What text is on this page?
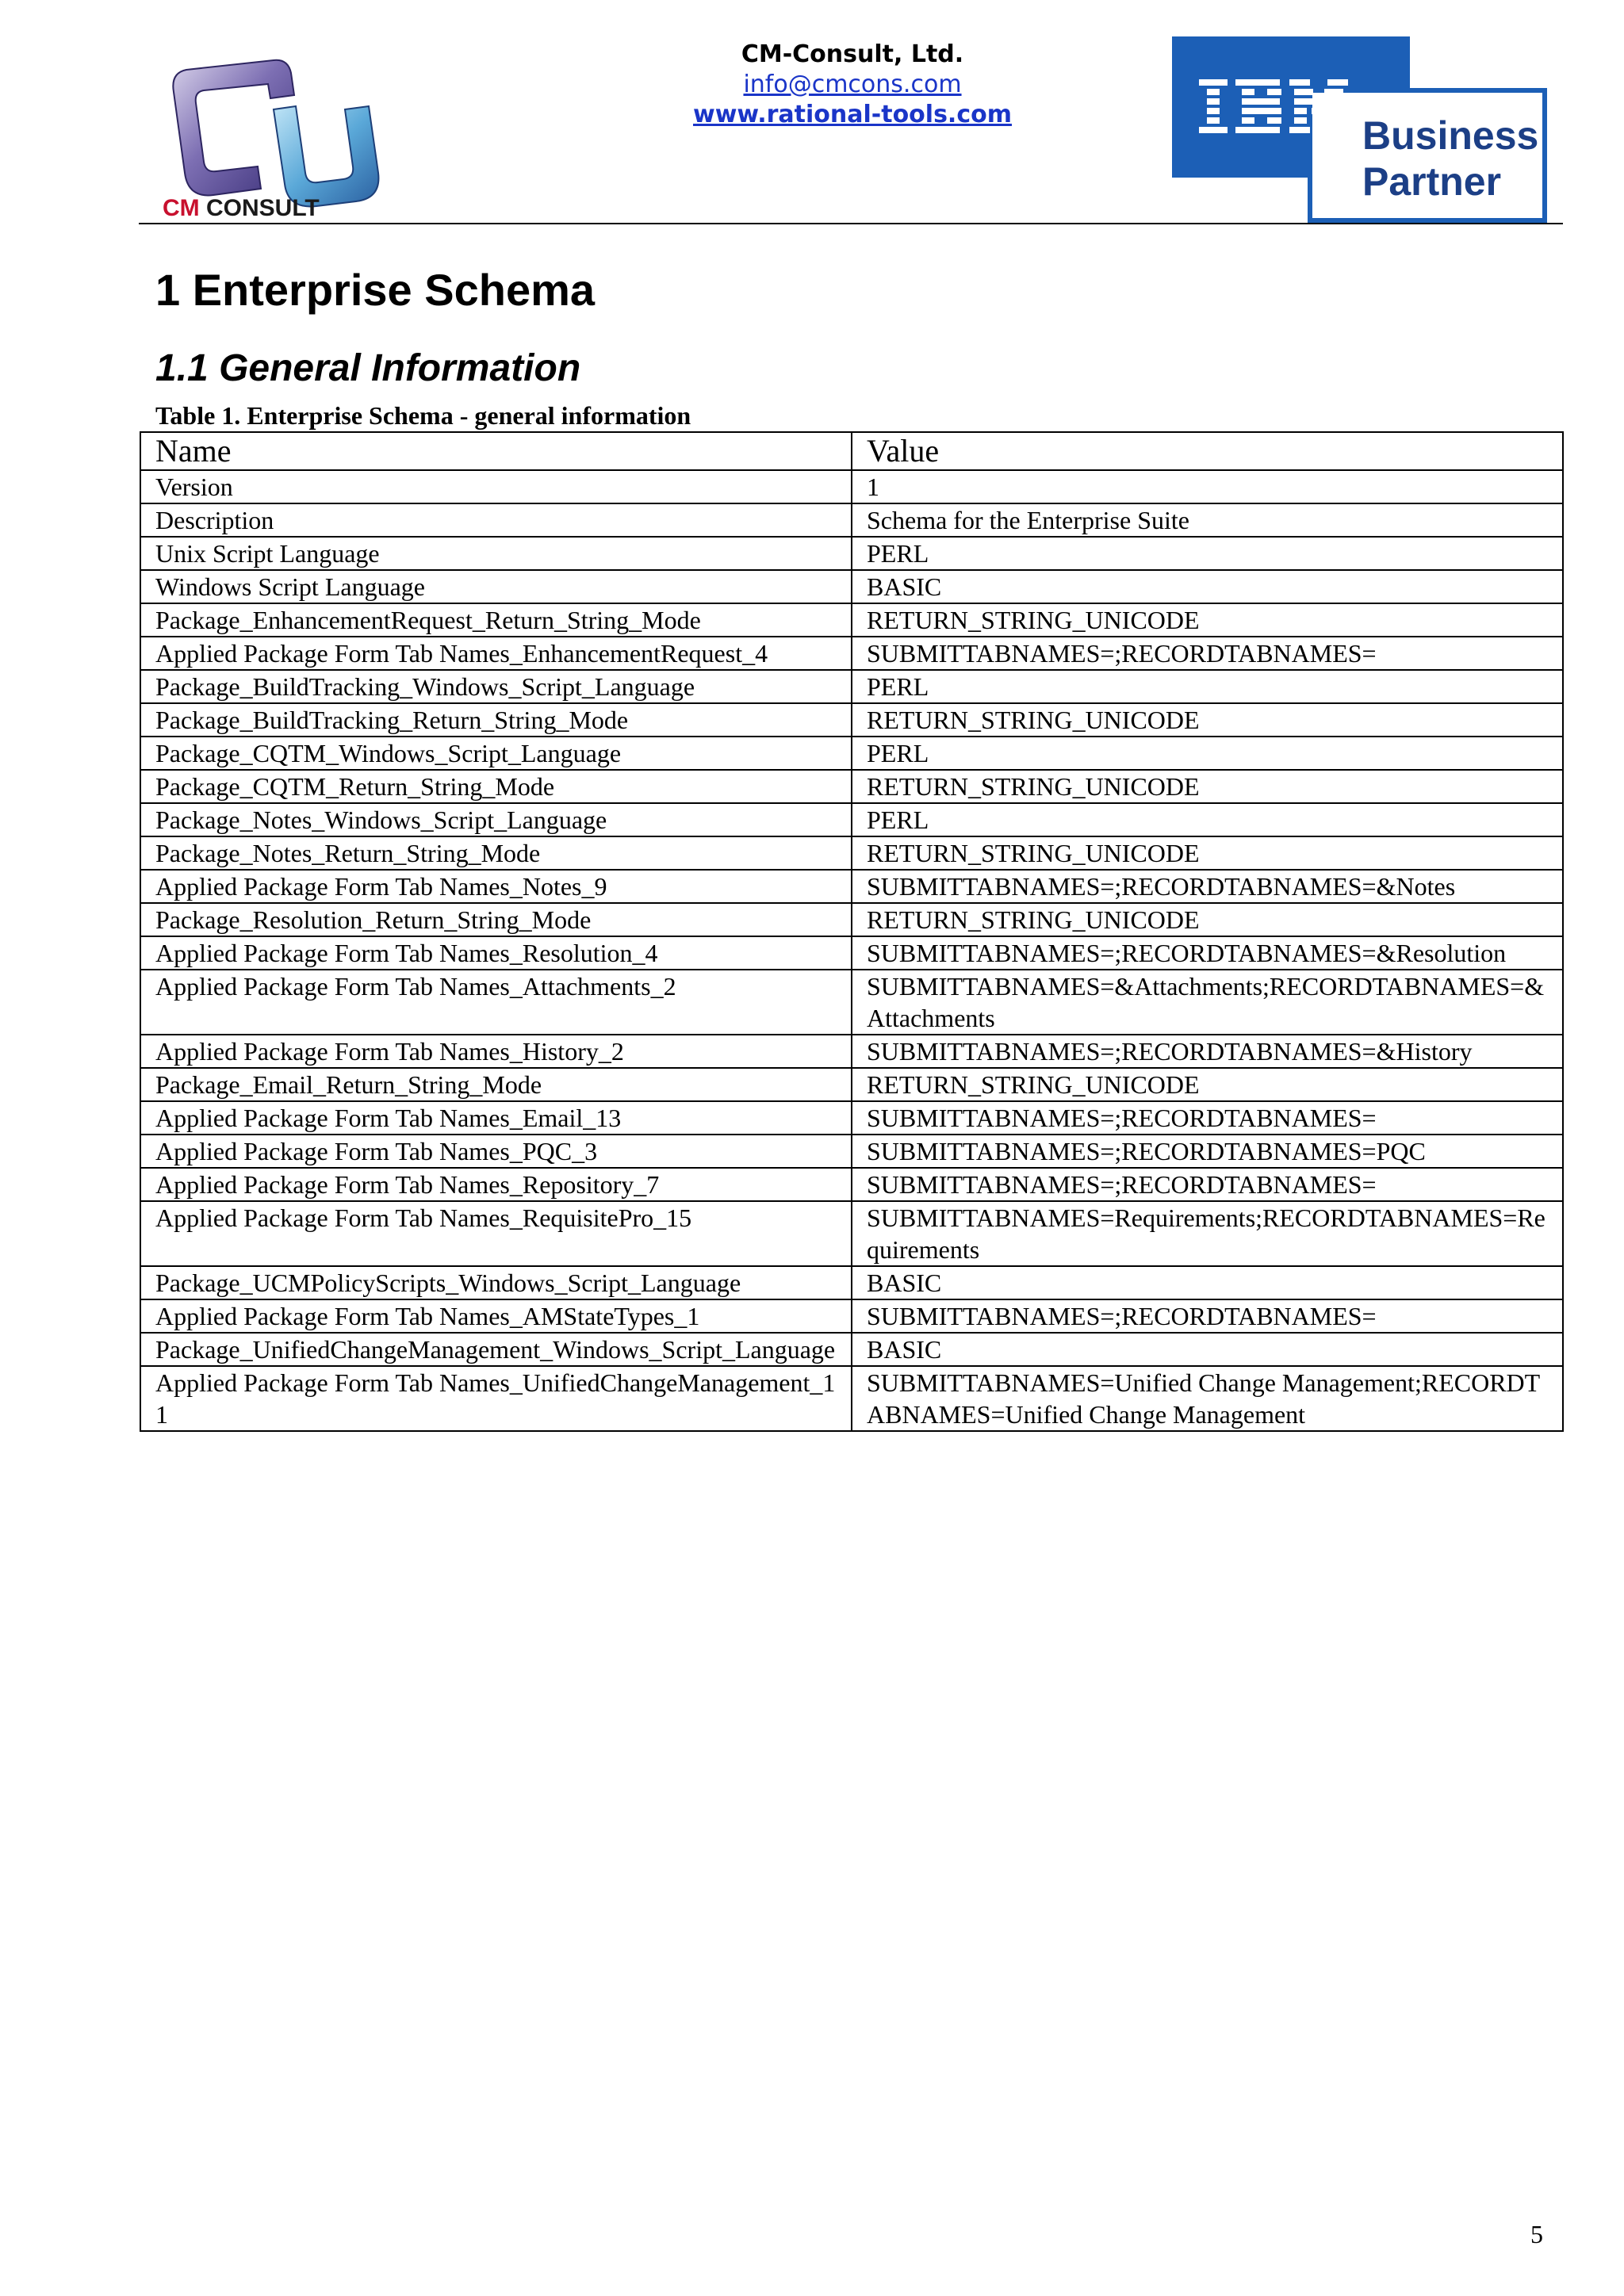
CM CONSULT
CM-Consult, Ltd.
info@cmcons.com
www.rational-tools.com	Business
Partner
1 Enterprise Schema
1.1 General Information

Table 1. Enterprise Schema - general information

Name	Value
Version	1
Description	Schema for the Enterprise Suite
Unix Script Language	PERL
Windows Script Language	BASIC
Package_EnhancementRequest_Return_String_Mode	RETURN_STRING_UNICODE
Applied Package Form Tab Names_EnhancementRequest_4	SUBMITTABNAMES=;RECORDTABNAMES=
Package_BuildTracking_Windows_Script_Language	PERL
Package_BuildTracking_Return_String_Mode	RETURN_STRING_UNICODE
Package_CQTM_Windows_Script_Language	PERL
Package_CQTM_Return_String_Mode	RETURN_STRING_UNICODE
Package_Notes_Windows_Script_Language	PERL
Package_Notes_Return_String_Mode	RETURN_STRING_UNICODE
Applied Package Form Tab Names_Notes_9	SUBMITTABNAMES=;RECORDTABNAMES=&Notes
Package_Resolution_Return_String_Mode	RETURN_STRING_UNICODE
Applied Package Form Tab Names_Resolution_4	SUBMITTABNAMES=;RECORDTABNAMES=&Resolution
Applied Package Form Tab Names_Attachments_2	SUBMITTABNAMES=&Attachments;RECORDTABNAMES=&Attachments
Applied Package Form Tab Names_History_2	SUBMITTABNAMES=;RECORDTABNAMES=&History
Package_Email_Return_String_Mode	RETURN_STRING_UNICODE
Applied Package Form Tab Names_Email_13	SUBMITTABNAMES=;RECORDTABNAMES=
Applied Package Form Tab Names_PQC_3	SUBMITTABNAMES=;RECORDTABNAMES=PQC
Applied Package Form Tab Names_Repository_7	SUBMITTABNAMES=;RECORDTABNAMES=
Applied Package Form Tab Names_RequisitePro_15	SUBMITTABNAMES=Requirements;RECORDTABNAMES=Requirements
Package_UCMPolicyScripts_Windows_Script_Language	BASIC
Applied Package Form Tab Names_AMStateTypes_1	SUBMITTABNAMES=;RECORDTABNAMES=
Package_UnifiedChangeManagement_Windows_Script_Language	BASIC
Applied Package Form Tab Names_UnifiedChangeManagement_11	SUBMITTABNAMES=Unified Change Management;RECORDTABNAMES=Unified Change Management
5
